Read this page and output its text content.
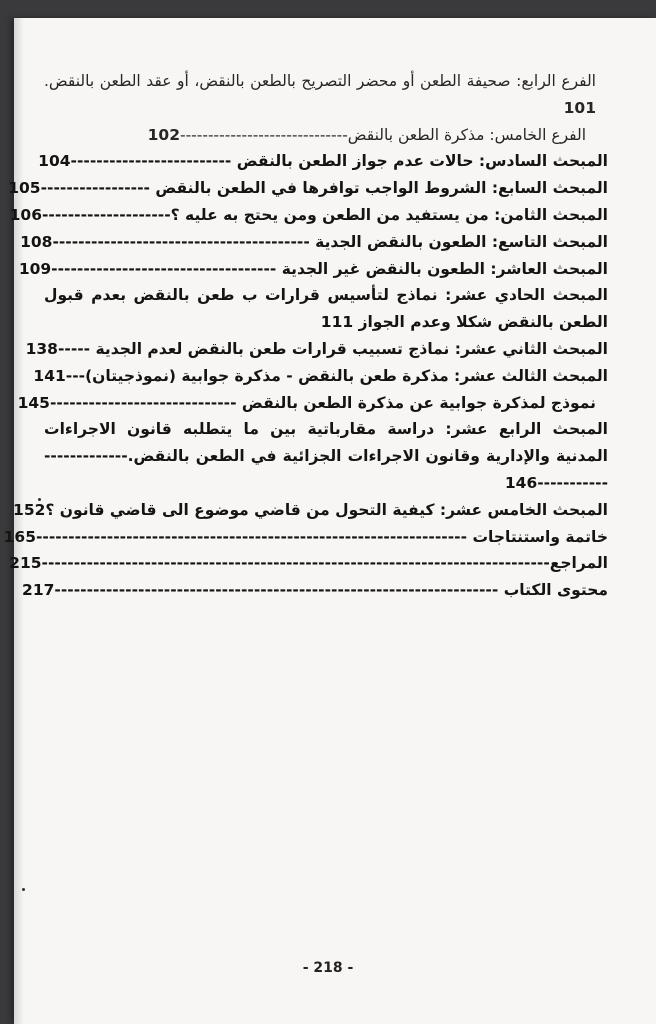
الفرع الرابع: صحيفة الطعن أو محضر التصريح بالطعن بالنقض، أو عقد الطعن بالنقض.101
الفرع الخامس: مذكرة الطعن بالنقض------------------------------102
المبحث السادس: حالات عدم جواز الطعن بالنقض -------------------------104
المبحث السابع: الشروط الواجب توافرها في الطعن بالنقض -----------------105
المبحث الثامن: من يستفيد من الطعن ومن يحتج به عليه ؟--------------------106
المبحث التاسع: الطعون بالنقض الجدية ----------------------------------------108
المبحث العاشر: الطعون بالنقض غير الجدية -----------------------------------109
المبحث الحادي عشر: نماذج لتأسيس قرارات ب طعن بالنقض بعدم قبول الطعن بالنقض شكلا وعدم الجواز 111
المبحث الثاني عشر: نماذج تسبيب قرارات طعن بالنقض لعدم الجدية -----138
المبحث الثالث عشر: مذكرة طعن بالنقض - مذكرة جوابية (نموذجيتان)---141
نموذج لمذكرة جوابية عن مذكرة الطعن بالنقض -----------------------------145
المبحث الرابع عشر: دراسة مقارباتية بين ما يتطلبه قانون الاجراءات المدنية والإدارية وقانون الاجراءات الجزائية في الطعن بالنقض.------------------------146
المبحث الخامس عشر: كيفية التحول من قاضي موضوع الى قاضي قانون ؟152
خاتمة واستنتاجات -------------------------------------------------------------------165
المراجع-------------------------------------------------------------------------------215
محتوى الكتاب ---------------------------------------------------------------------217
- 218 -
